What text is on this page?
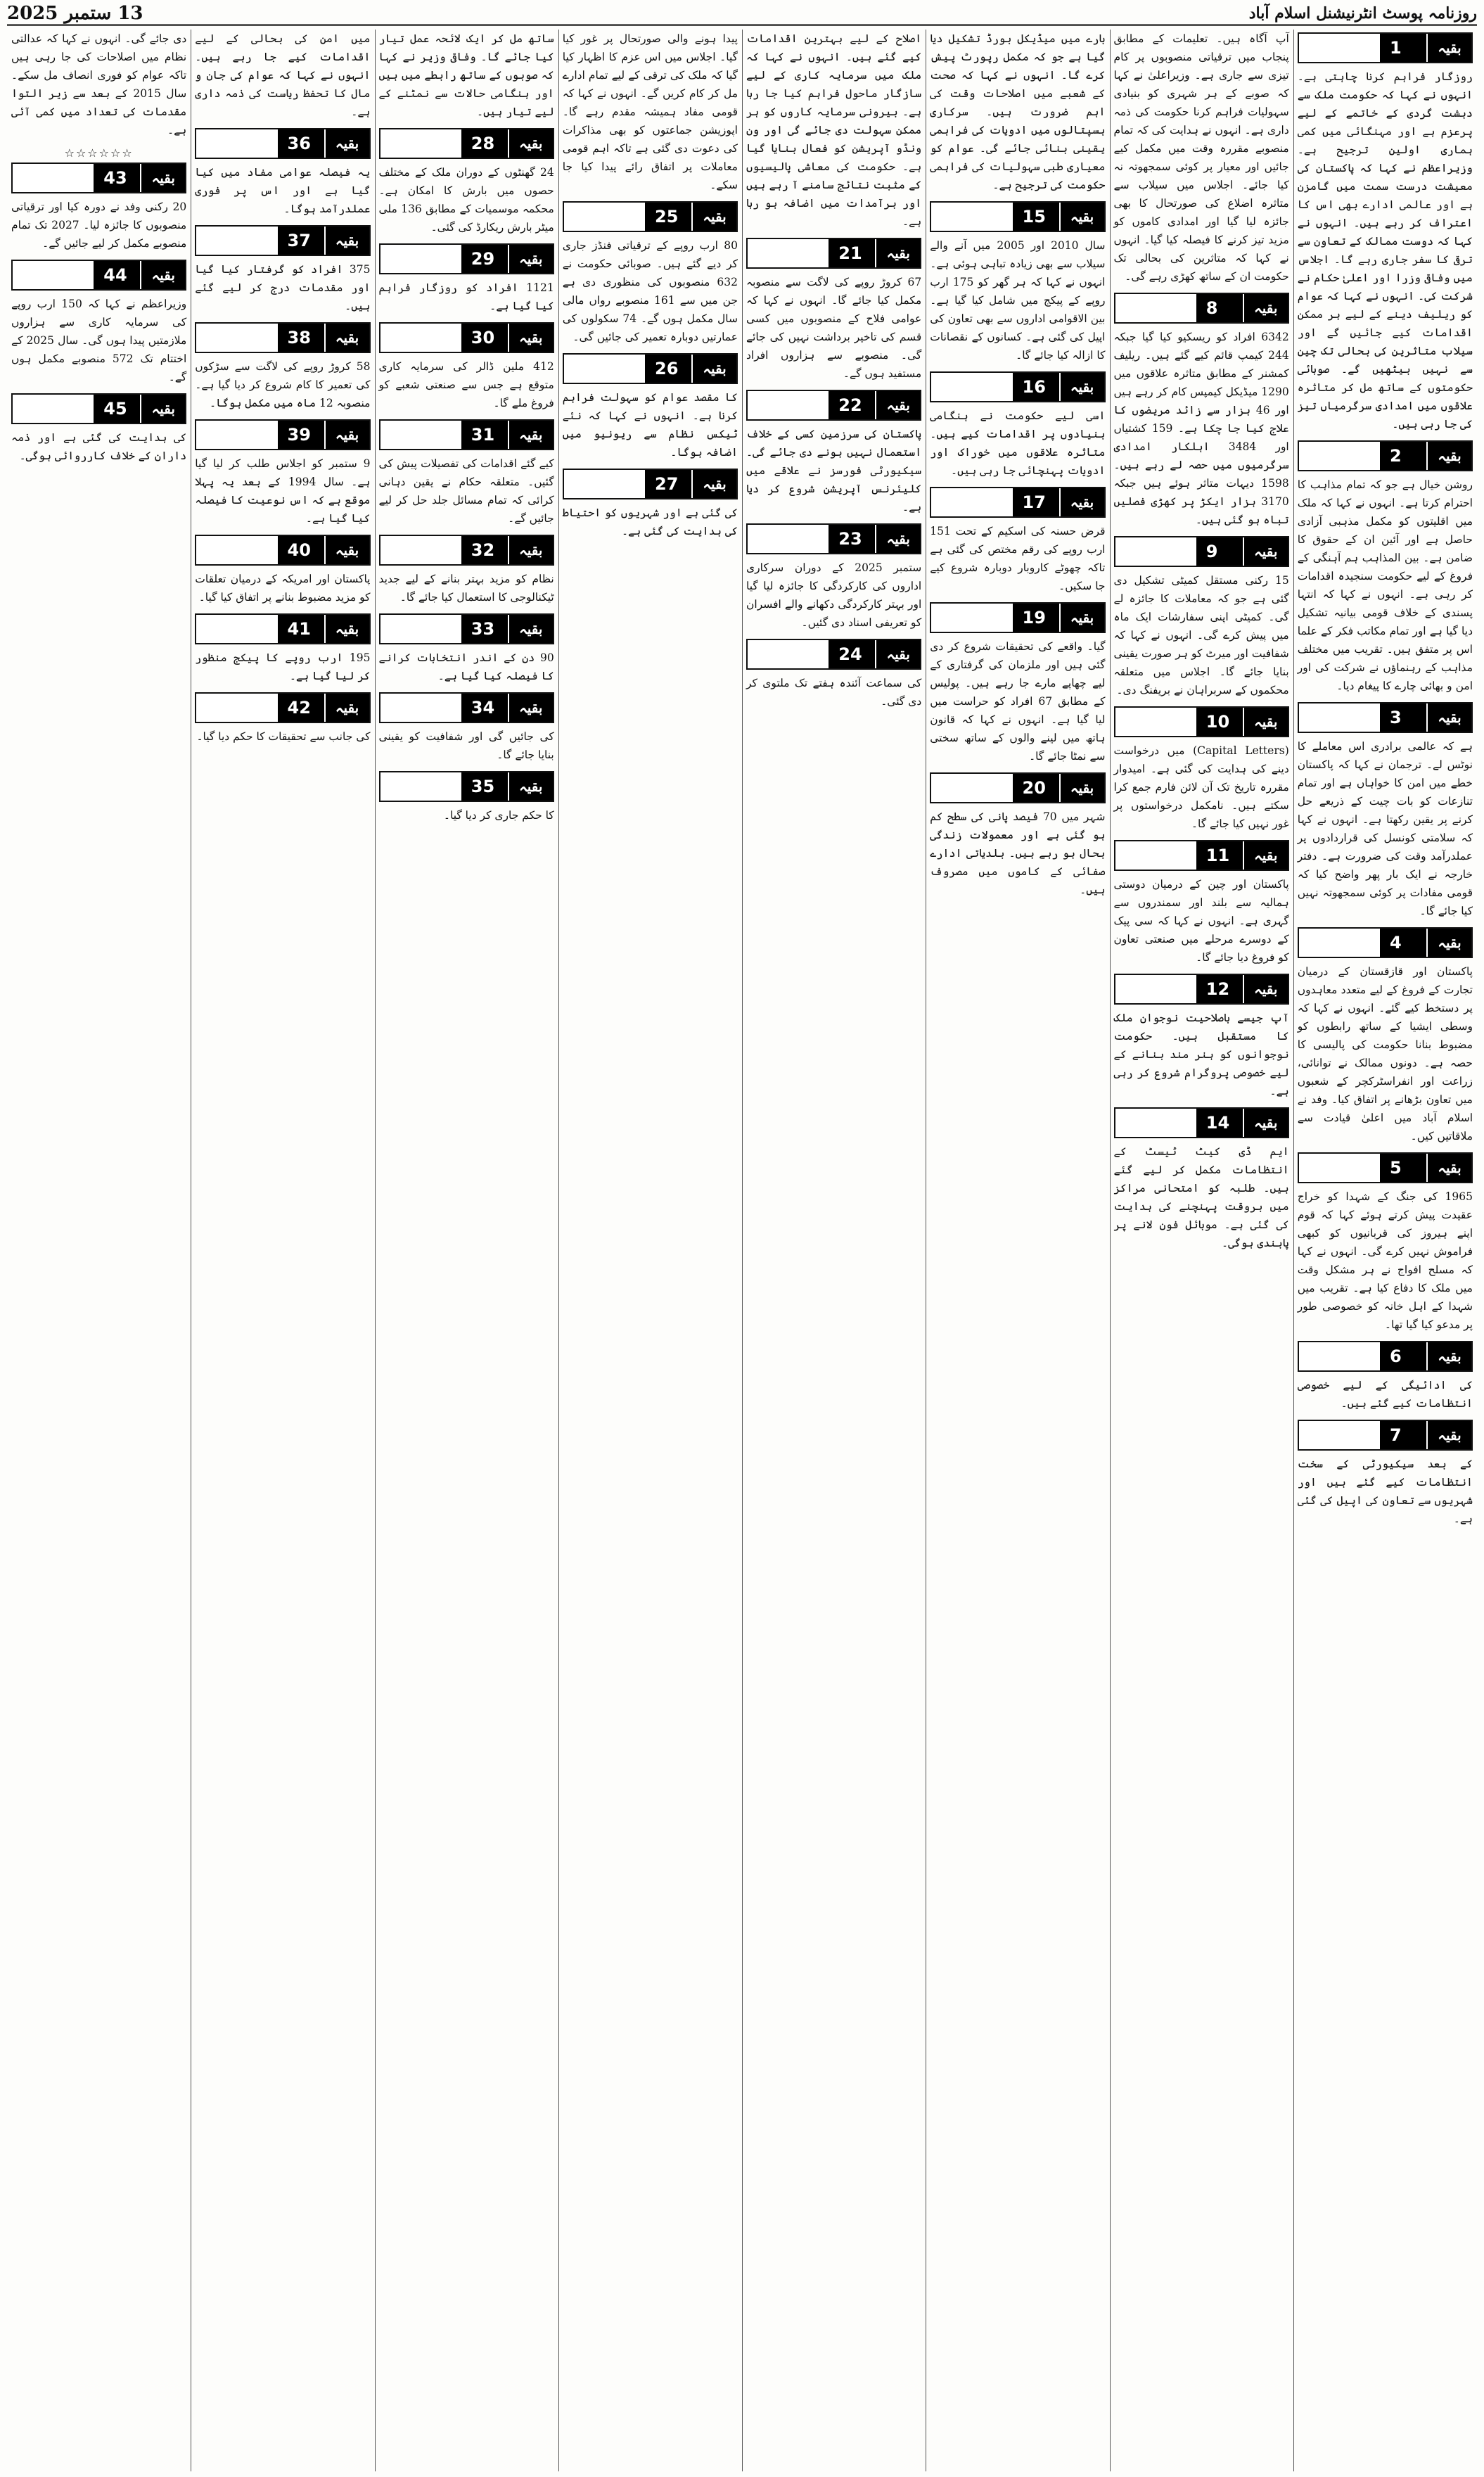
13 ستمبر 2025	روزنامہ پوسٹ انٹرنیشنل اسلام آباد
1	بقیہ

روزگار فراہم کرنا چاہتی ہے۔ انہوں نے کہا کہ حکومت ملک سے دہشت گردی کے خاتمے کے لیے پرعزم ہے اور مہنگائی میں کمی ہماری اولین ترجیح ہے۔ وزیراعظم نے کہا کہ پاکستان کی معیشت درست سمت میں گامزن ہے اور عالمی ادارے بھی اس کا اعتراف کر رہے ہیں۔ انہوں نے کہا کہ دوست ممالک کے تعاون سے ترقی کا سفر جاری رہے گا۔ اجلاس میں وفاقی وزرا اور اعلیٰ حکام نے شرکت کی۔ انہوں نے کہا کہ عوام کو ریلیف دینے کے لیے ہر ممکن اقدامات کیے جائیں گے اور سیلاب متاثرین کی بحالی تک چین سے نہیں بیٹھیں گے۔ صوبائی حکومتوں کے ساتھ مل کر متاثرہ علاقوں میں امدادی سرگرمیاں تیز کی جا رہی ہیں۔

2	بقیہ

روشن خیال ہے جو کہ تمام مذاہب کا احترام کرتا ہے۔ انہوں نے کہا کہ ملک میں اقلیتوں کو مکمل مذہبی آزادی حاصل ہے اور آئین ان کے حقوق کا ضامن ہے۔ بین المذاہب ہم آہنگی کے فروغ کے لیے حکومت سنجیدہ اقدامات کر رہی ہے۔ انہوں نے کہا کہ انتہا پسندی کے خلاف قومی بیانیہ تشکیل دیا گیا ہے اور تمام مکاتب فکر کے علما اس پر متفق ہیں۔ تقریب میں مختلف مذاہب کے رہنماؤں نے شرکت کی اور امن و بھائی چارے کا پیغام دیا۔

3	بقیہ

ہے کہ عالمی برادری اس معاملے کا نوٹس لے۔ ترجمان نے کہا کہ پاکستان خطے میں امن کا خواہاں ہے اور تمام تنازعات کو بات چیت کے ذریعے حل کرنے پر یقین رکھتا ہے۔ انہوں نے کہا کہ سلامتی کونسل کی قراردادوں پر عملدرآمد وقت کی ضرورت ہے۔ دفتر خارجہ نے ایک بار پھر واضح کیا کہ قومی مفادات پر کوئی سمجھوتہ نہیں کیا جائے گا۔

4	بقیہ

پاکستان اور قازقستان کے درمیان تجارت کے فروغ کے لیے متعدد معاہدوں پر دستخط کیے گئے۔ انہوں نے کہا کہ وسطی ایشیا کے ساتھ رابطوں کو مضبوط بنانا حکومت کی پالیسی کا حصہ ہے۔ دونوں ممالک نے توانائی، زراعت اور انفراسٹرکچر کے شعبوں میں تعاون بڑھانے پر اتفاق کیا۔ وفد نے اسلام آباد میں اعلیٰ قیادت سے ملاقاتیں کیں۔

5	بقیہ

1965 کی جنگ کے شہدا کو خراج عقیدت پیش کرتے ہوئے کہا کہ قوم اپنے ہیروز کی قربانیوں کو کبھی فراموش نہیں کرے گی۔ انہوں نے کہا کہ مسلح افواج نے ہر مشکل وقت میں ملک کا دفاع کیا ہے۔ تقریب میں شہدا کے اہل خانہ کو خصوصی طور پر مدعو کیا گیا تھا۔

6	بقیہ

کی ادائیگی کے لیے خصوصی انتظامات کیے گئے ہیں۔

7	بقیہ

کے بعد سیکیورٹی کے سخت انتظامات کیے گئے ہیں اور شہریوں سے تعاون کی اپیل کی گئی ہے۔

آپ آگاہ ہیں۔ تعلیمات کے مطابق پنجاب میں ترقیاتی منصوبوں پر کام تیزی سے جاری ہے۔ وزیراعلیٰ نے کہا کہ صوبے کے ہر شہری کو بنیادی سہولیات فراہم کرنا حکومت کی ذمہ داری ہے۔ انہوں نے ہدایت کی کہ تمام منصوبے مقررہ وقت میں مکمل کیے جائیں اور معیار پر کوئی سمجھوتہ نہ کیا جائے۔ اجلاس میں سیلاب سے متاثرہ اضلاع کی صورتحال کا بھی جائزہ لیا گیا اور امدادی کاموں کو مزید تیز کرنے کا فیصلہ کیا گیا۔ انہوں نے کہا کہ متاثرین کی بحالی تک حکومت ان کے ساتھ کھڑی رہے گی۔

8	بقیہ

6342 افراد کو ریسکیو کیا گیا جبکہ 244 کیمپ قائم کیے گئے ہیں۔ ریلیف کمشنر کے مطابق متاثرہ علاقوں میں 1290 میڈیکل کیمپس کام کر رہے ہیں اور 46 ہزار سے زائد مریضوں کا علاج کیا جا چکا ہے۔ 159 کشتیاں اور 3484 اہلکار امدادی سرگرمیوں میں حصہ لے رہے ہیں۔ 1598 دیہات متاثر ہوئے ہیں جبکہ 3170 ہزار ایکڑ پر کھڑی فصلیں تباہ ہو گئی ہیں۔

9	بقیہ

15 رکنی مستقل کمیٹی تشکیل دی گئی ہے جو کہ معاملات کا جائزہ لے گی۔ کمیٹی اپنی سفارشات ایک ماہ میں پیش کرے گی۔ انہوں نے کہا کہ شفافیت اور میرٹ کو ہر صورت یقینی بنایا جائے گا۔ اجلاس میں متعلقہ محکموں کے سربراہان نے بریفنگ دی۔

10	بقیہ

(Capital Letters) میں درخواست دینے کی ہدایت کی گئی ہے۔ امیدوار مقررہ تاریخ تک آن لائن فارم جمع کرا سکتے ہیں۔ نامکمل درخواستوں پر غور نہیں کیا جائے گا۔

11	بقیہ

پاکستان اور چین کے درمیان دوستی ہمالیہ سے بلند اور سمندروں سے گہری ہے۔ انہوں نے کہا کہ سی پیک کے دوسرے مرحلے میں صنعتی تعاون کو فروغ دیا جائے گا۔

12	بقیہ

آپ جیسے باصلاحیت نوجوان ملک کا مستقبل ہیں۔ حکومت نوجوانوں کو ہنر مند بنانے کے لیے خصوصی پروگرام شروع کر رہی ہے۔

14	بقیہ

ایم ڈی کیٹ ٹیسٹ کے انتظامات مکمل کر لیے گئے ہیں۔ طلبہ کو امتحانی مراکز میں بروقت پہنچنے کی ہدایت کی گئی ہے۔ موبائل فون لانے پر پابندی ہوگی۔

بارے میں میڈیکل بورڈ تشکیل دیا گیا ہے جو کہ مکمل رپورٹ پیش کرے گا۔ انہوں نے کہا کہ صحت کے شعبے میں اصلاحات وقت کی اہم ضرورت ہیں۔ سرکاری ہسپتالوں میں ادویات کی فراہمی یقینی بنائی جائے گی۔ عوام کو معیاری طبی سہولیات کی فراہمی حکومت کی ترجیح ہے۔

15	بقیہ

سال 2010 اور 2005 میں آنے والے سیلاب سے بھی زیادہ تباہی ہوئی ہے۔ انہوں نے کہا کہ ہر گھر کو 175 ارب روپے کے پیکج میں شامل کیا گیا ہے۔ بین الاقوامی اداروں سے بھی تعاون کی اپیل کی گئی ہے۔ کسانوں کے نقصانات کا ازالہ کیا جائے گا۔

16	بقیہ

اسی لیے حکومت نے ہنگامی بنیادوں پر اقدامات کیے ہیں۔ متاثرہ علاقوں میں خوراک اور ادویات پہنچائی جا رہی ہیں۔

17	بقیہ

قرض حسنہ کی اسکیم کے تحت 151 ارب روپے کی رقم مختص کی گئی ہے تاکہ چھوٹے کاروبار دوبارہ شروع کیے جا سکیں۔

19	بقیہ

گیا۔ واقعے کی تحقیقات شروع کر دی گئی ہیں اور ملزمان کی گرفتاری کے لیے چھاپے مارے جا رہے ہیں۔ پولیس کے مطابق 67 افراد کو حراست میں لیا گیا ہے۔ انہوں نے کہا کہ قانون ہاتھ میں لینے والوں کے ساتھ سختی سے نمٹا جائے گا۔

20	بقیہ

شہر میں 70 فیصد پانی کی سطح کم ہو گئی ہے اور معمولات زندگی بحال ہو رہے ہیں۔ بلدیاتی ادارے صفائی کے کاموں میں مصروف ہیں۔

اصلاح کے لیے بہترین اقدامات کیے گئے ہیں۔ انہوں نے کہا کہ ملک میں سرمایہ کاری کے لیے سازگار ماحول فراہم کیا جا رہا ہے۔ بیرونی سرمایہ کاروں کو ہر ممکن سہولت دی جائے گی اور ون ونڈو آپریشن کو فعال بنایا گیا ہے۔ حکومت کی معاشی پالیسیوں کے مثبت نتائج سامنے آ رہے ہیں اور برآمدات میں اضافہ ہو رہا ہے۔

21	بقیہ

67 کروڑ روپے کی لاگت سے منصوبہ مکمل کیا جائے گا۔ انہوں نے کہا کہ عوامی فلاح کے منصوبوں میں کسی قسم کی تاخیر برداشت نہیں کی جائے گی۔ منصوبے سے ہزاروں افراد مستفید ہوں گے۔

22	بقیہ

پاکستان کی سرزمین کسی کے خلاف استعمال نہیں ہونے دی جائے گی۔ سیکیورٹی فورسز نے علاقے میں کلیئرنس آپریشن شروع کر دیا ہے۔

23	بقیہ

ستمبر 2025 کے دوران سرکاری اداروں کی کارکردگی کا جائزہ لیا گیا اور بہتر کارکردگی دکھانے والے افسران کو تعریفی اسناد دی گئیں۔

24	بقیہ

کی سماعت آئندہ ہفتے تک ملتوی کر دی گئی۔

پیدا ہونے والی صورتحال پر غور کیا گیا۔ اجلاس میں اس عزم کا اظہار کیا گیا کہ ملک کی ترقی کے لیے تمام ادارے مل کر کام کریں گے۔ انہوں نے کہا کہ قومی مفاد ہمیشہ مقدم رہے گا۔ اپوزیشن جماعتوں کو بھی مذاکرات کی دعوت دی گئی ہے تاکہ اہم قومی معاملات پر اتفاق رائے پیدا کیا جا سکے۔

25	بقیہ

80 ارب روپے کے ترقیاتی فنڈز جاری کر دیے گئے ہیں۔ صوبائی حکومت نے 632 منصوبوں کی منظوری دی ہے جن میں سے 161 منصوبے رواں مالی سال مکمل ہوں گے۔ 74 سکولوں کی عمارتیں دوبارہ تعمیر کی جائیں گی۔

26	بقیہ

کا مقصد عوام کو سہولت فراہم کرنا ہے۔ انہوں نے کہا کہ نئے ٹیکس نظام سے ریونیو میں اضافہ ہوگا۔

27	بقیہ

کی گئی ہے اور شہریوں کو احتیاط کی ہدایت کی گئی ہے۔

ساتھ مل کر ایک لائحہ عمل تیار کیا جائے گا۔ وفاقی وزیر نے کہا کہ صوبوں کے ساتھ رابطے میں ہیں اور ہنگامی حالات سے نمٹنے کے لیے تیار ہیں۔

28	بقیہ

24 گھنٹوں کے دوران ملک کے مختلف حصوں میں بارش کا امکان ہے۔ محکمہ موسمیات کے مطابق 136 ملی میٹر بارش ریکارڈ کی گئی۔

29	بقیہ

1121 افراد کو روزگار فراہم کیا گیا ہے۔

30	بقیہ

412 ملین ڈالر کی سرمایہ کاری متوقع ہے جس سے صنعتی شعبے کو فروغ ملے گا۔

31	بقیہ

کیے گئے اقدامات کی تفصیلات پیش کی گئیں۔ متعلقہ حکام نے یقین دہانی کرائی کہ تمام مسائل جلد حل کر لیے جائیں گے۔

32	بقیہ

نظام کو مزید بہتر بنانے کے لیے جدید ٹیکنالوجی کا استعمال کیا جائے گا۔

33	بقیہ

90 دن کے اندر انتخابات کرانے کا فیصلہ کیا گیا ہے۔

34	بقیہ

کی جائیں گی اور شفافیت کو یقینی بنایا جائے گا۔

35	بقیہ

کا حکم جاری کر دیا گیا۔

میں امن کی بحالی کے لیے اقدامات کیے جا رہے ہیں۔ انہوں نے کہا کہ عوام کی جان و مال کا تحفظ ریاست کی ذمہ داری ہے۔

36	بقیہ

یہ فیصلہ عوامی مفاد میں کیا گیا ہے اور اس پر فوری عملدرآمد ہوگا۔

37	بقیہ

375 افراد کو گرفتار کیا گیا اور مقدمات درج کر لیے گئے ہیں۔

38	بقیہ

58 کروڑ روپے کی لاگت سے سڑکوں کی تعمیر کا کام شروع کر دیا گیا ہے۔ منصوبہ 12 ماہ میں مکمل ہوگا۔

39	بقیہ

9 ستمبر کو اجلاس طلب کر لیا گیا ہے۔ سال 1994 کے بعد یہ پہلا موقع ہے کہ اس نوعیت کا فیصلہ کیا گیا ہے۔

40	بقیہ

پاکستان اور امریکہ کے درمیان تعلقات کو مزید مضبوط بنانے پر اتفاق کیا گیا۔

41	بقیہ

195 ارب روپے کا پیکج منظور کر لیا گیا ہے۔

42	بقیہ

کی جانب سے تحقیقات کا حکم دیا گیا۔

دی جائے گی۔ انہوں نے کہا کہ عدالتی نظام میں اصلاحات کی جا رہی ہیں تاکہ عوام کو فوری انصاف مل سکے۔ سال 2015 کے بعد سے زیر التوا مقدمات کی تعداد میں کمی آئی ہے۔

☆☆☆☆☆☆
43	بقیہ

20 رکنی وفد نے دورہ کیا اور ترقیاتی منصوبوں کا جائزہ لیا۔ 2027 تک تمام منصوبے مکمل کر لیے جائیں گے۔

44	بقیہ

وزیراعظم نے کہا کہ 150 ارب روپے کی سرمایہ کاری سے ہزاروں ملازمتیں پیدا ہوں گی۔ سال 2025 کے اختتام تک 572 منصوبے مکمل ہوں گے۔

45	بقیہ

کی ہدایت کی گئی ہے اور ذمہ داران کے خلاف کارروائی ہوگی۔
